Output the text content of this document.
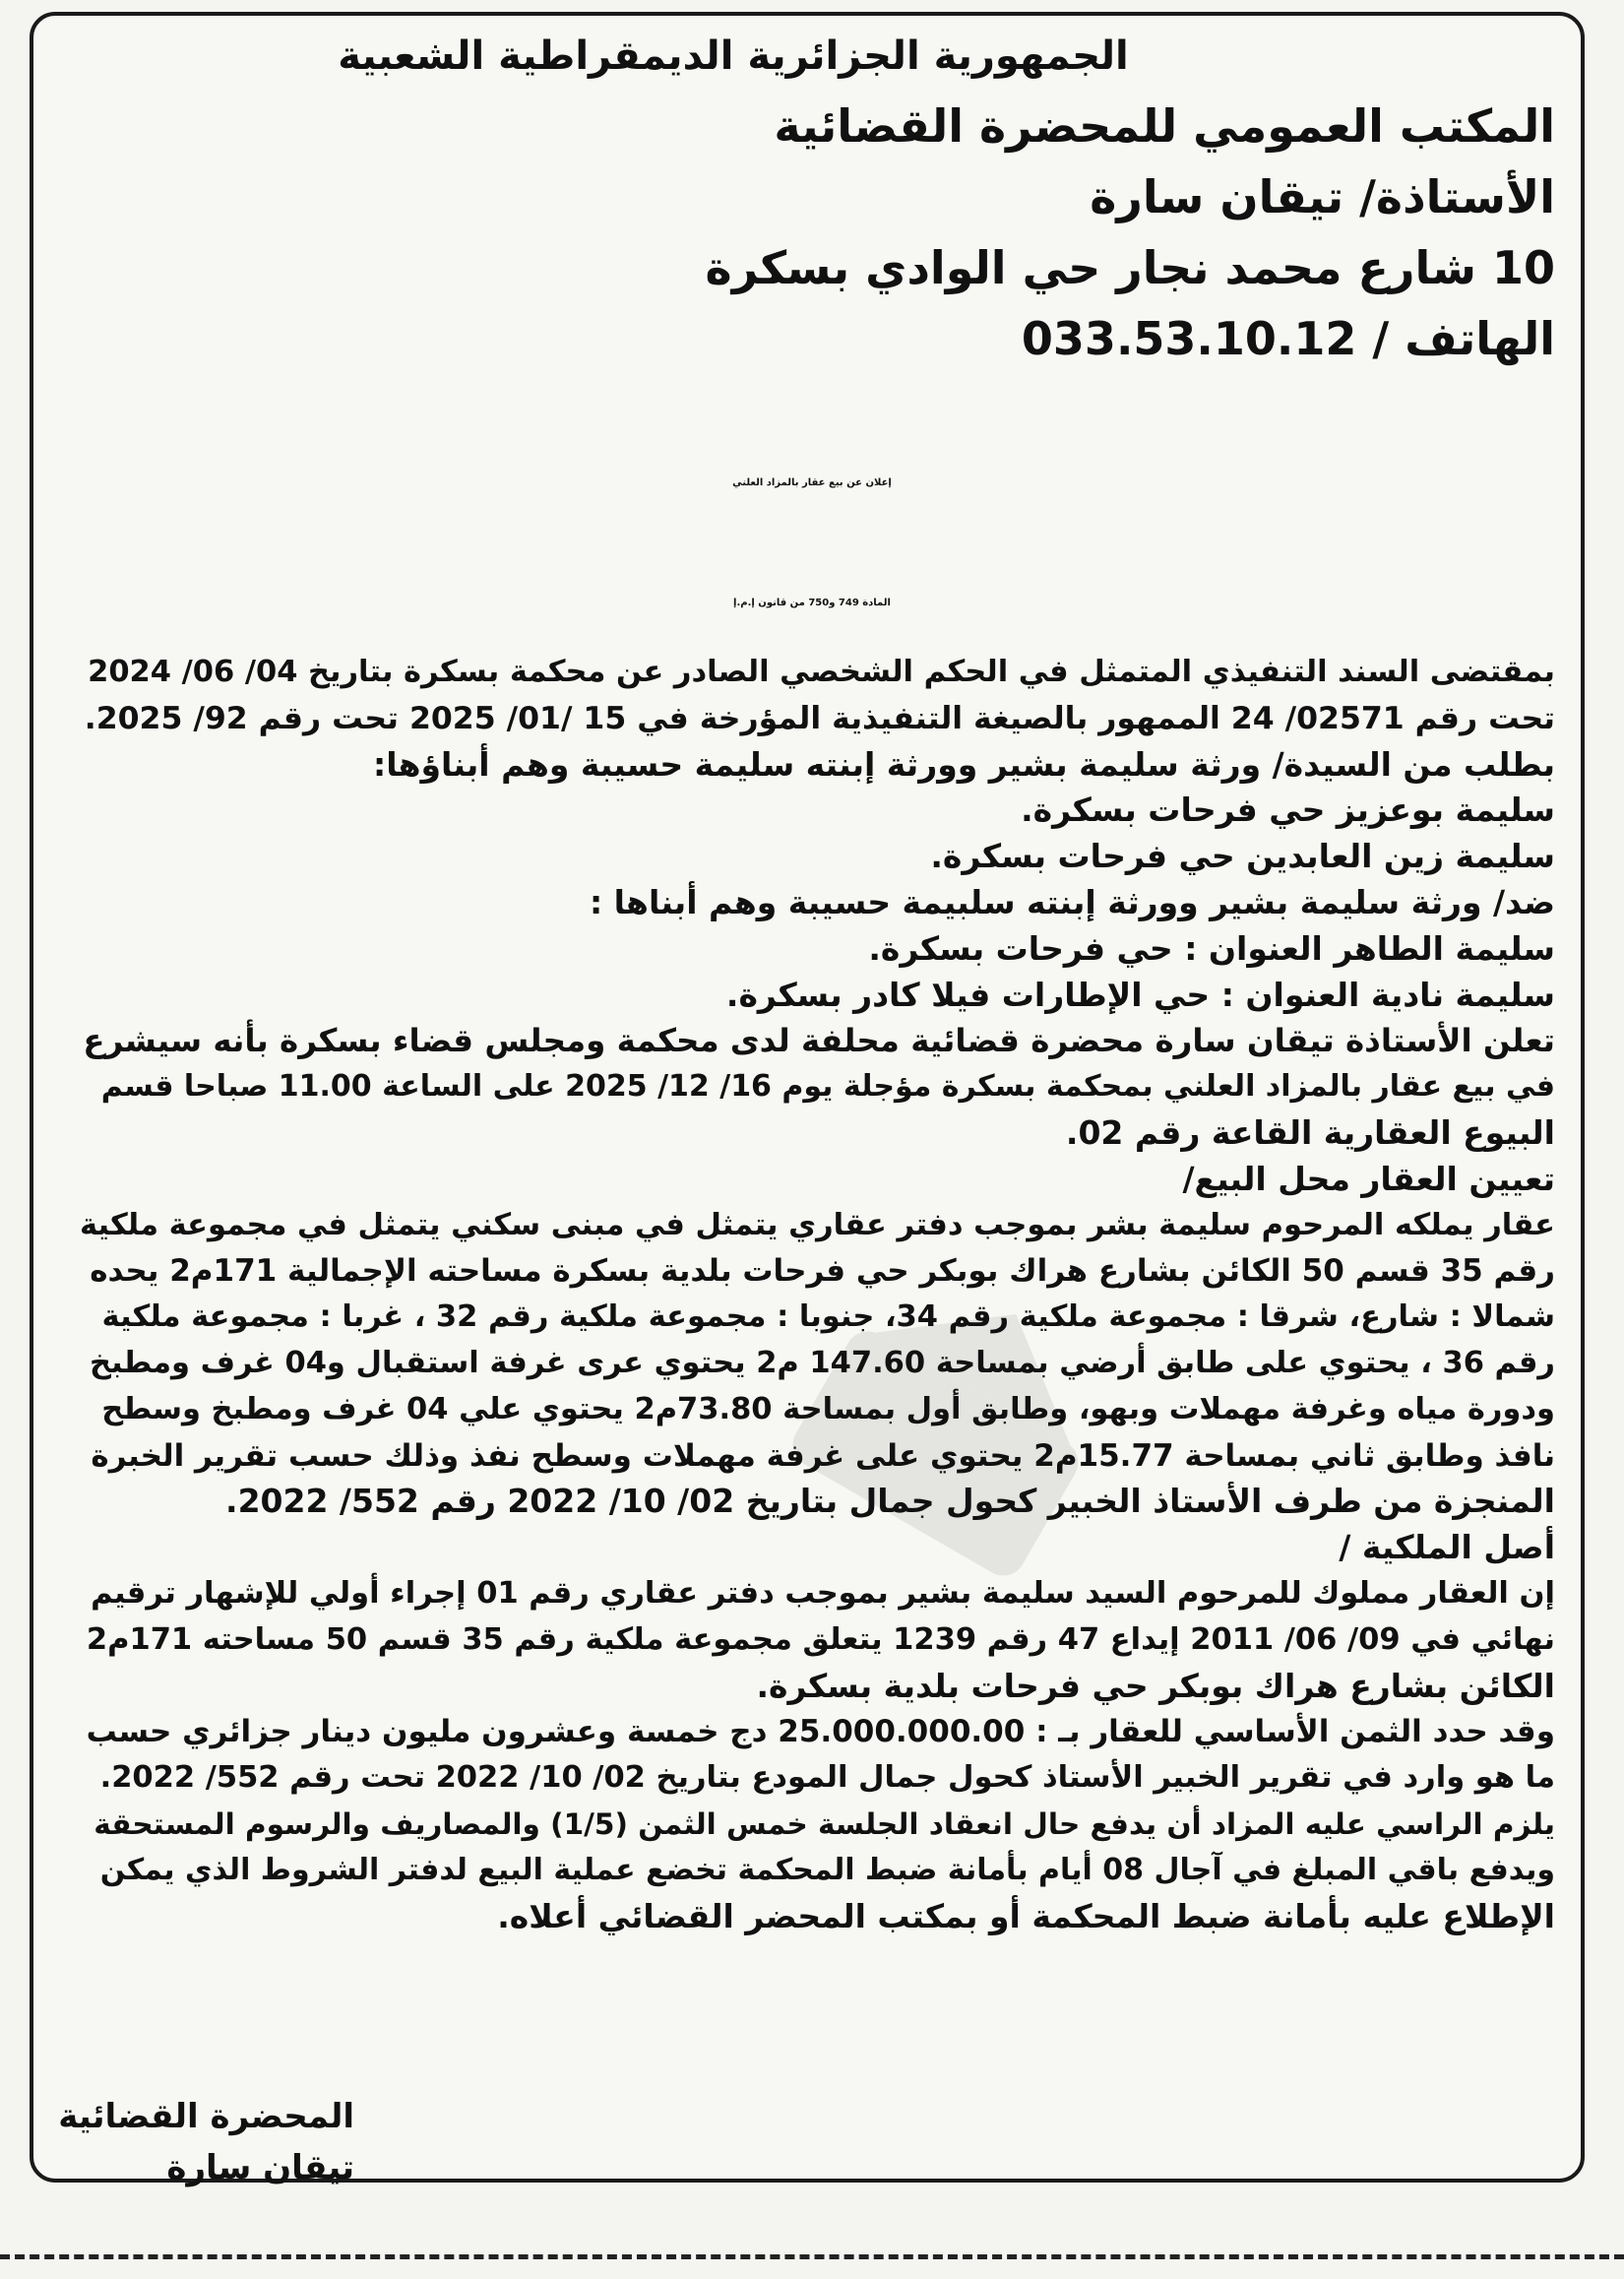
الجمهورية الجزائرية الديمقراطية الشعبية
المكتب العمومي للمحضرة القضائية
الأستاذة/ تيقان سارة
10 شارع محمد نجار حي الوادي بسكرة
الهاتف / 033.53.10.12
إعلان عن بيع عقار بالمزاد العلني
المادة 749 و750 من قانون إ.م.إ
بمقتضى السند التنفيذي المتمثل في الحكم الشخصي الصادر عن محكمة بسكرة بتاريخ 04/ 06/ 2024
تحت رقم 02571/ 24 الممهور بالصيغة التنفيذية المؤرخة في 15 /01/ 2025 تحت رقم 92/ 2025.
بطلب من السيدة/ ورثة سليمة بشير وورثة إبنته سليمة حسيبة وهم أبناؤها:
سليمة بوعزيز حي فرحات بسكرة.
سليمة زين العابدين حي فرحات بسكرة.
ضد/ ورثة سليمة بشير وورثة إبنته سلبيمة حسيبة وهم أبناها :
سليمة الطاهر العنوان : حي فرحات بسكرة.
سليمة نادية العنوان : حي الإطارات فيلا كادر بسكرة.
تعلن الأستاذة تيقان سارة محضرة قضائية محلفة لدى محكمة ومجلس قضاء بسكرة بأنه سيشرع
في بيع عقار بالمزاد العلني بمحكمة بسكرة مؤجلة يوم 16/ 12/ 2025 على الساعة 11.00 صباحا قسم
البيوع العقارية القاعة رقم 02.
تعيين العقار محل البيع/
عقار يملكه المرحوم سليمة بشر بموجب دفتر عقاري يتمثل في مبنى سكني يتمثل في مجموعة ملكية
رقم 35 قسم 50 الكائن بشارع هراك بوبكر حي فرحات بلدية بسكرة مساحته الإجمالية 171م2 يحده
شمالا : شارع، شرقا : مجموعة ملكية رقم 34، جنوبا : مجموعة ملكية رقم 32 ، غربا : مجموعة ملكية
رقم 36 ، يحتوي على طابق أرضي بمساحة 147.60 م2 يحتوي عرى غرفة استقبال و04 غرف ومطبخ
ودورة مياه وغرفة مهملات وبهو، وطابق أول بمساحة 73.80م2 يحتوي علي 04 غرف ومطبخ وسطح
نافذ وطابق ثاني بمساحة 15.77م2 يحتوي على غرفة مهملات وسطح نفذ وذلك حسب تقرير الخبرة
المنجزة من طرف الأستاذ الخبير كحول جمال بتاريخ 02/ 10/ 2022 رقم 552/ 2022.
أصل الملكية /
إن العقار مملوك للمرحوم السيد سليمة بشير بموجب دفتر عقاري رقم 01 إجراء أولي للإشهار ترقيم
نهائي في 09/ 06/ 2011 إيداع 47 رقم 1239 يتعلق مجموعة ملكية رقم 35 قسم 50 مساحته 171م2
الكائن بشارع هراك بوبكر حي فرحات بلدية بسكرة.
وقد حدد الثمن الأساسي للعقار بـ : 25.000.000.00 دج خمسة وعشرون مليون دينار جزائري حسب
ما هو وارد في تقرير الخبير الأستاذ كحول جمال المودع بتاريخ 02/ 10/ 2022 تحت رقم 552/ 2022.
يلزم الراسي عليه المزاد أن يدفع حال انعقاد الجلسة خمس الثمن (1/5) والمصاريف والرسوم المستحقة
ويدفع باقي المبلغ في آجال 08 أيام بأمانة ضبط المحكمة تخضع عملية البيع لدفتر الشروط الذي يمكن
الإطلاع عليه بأمانة ضبط المحكمة أو بمكتب المحضر القضائي أعلاه.
المحضرة القضائية
تيقان سارة
